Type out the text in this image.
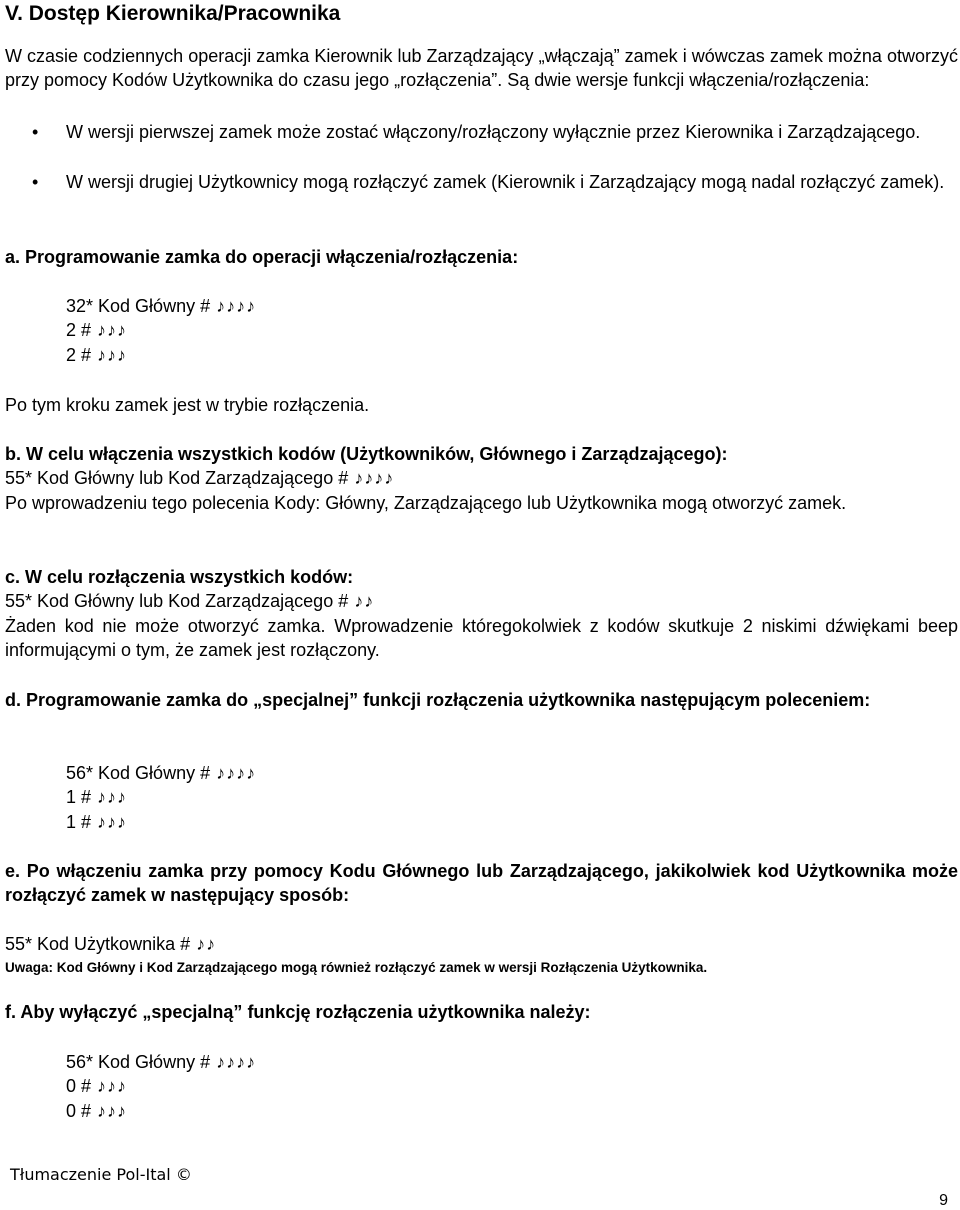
V. Dostęp Kierownika/Pracownika
W czasie codziennych operacji zamka Kierownik lub Zarządzający „włączają” zamek i wówczas zamek można otworzyć przy pomocy Kodów Użytkownika do czasu jego „rozłączenia”. Są dwie wersje funkcji włączenia/rozłączenia:
• W wersji pierwszej zamek może zostać włączony/rozłączony wyłącznie przez Kierownika i Zarządzającego.
• W wersji drugiej Użytkownicy mogą rozłączyć zamek (Kierownik i Zarządzający mogą nadal rozłączyć zamek).
a. Programowanie zamka do operacji włączenia/rozłączenia:
32* Kod Główny # ♪♪♪♪
2 # ♪♪♪
2 # ♪♪♪
Po tym kroku zamek jest w trybie rozłączenia.
b. W celu włączenia wszystkich kodów (Użytkowników, Głównego i Zarządzającego):
55* Kod Główny lub Kod Zarządzającego # ♪♪♪♪
Po wprowadzeniu tego polecenia Kody: Główny, Zarządzającego lub Użytkownika mogą otworzyć zamek.
c. W celu rozłączenia wszystkich kodów:
55* Kod Główny lub Kod Zarządzającego # ♪♪
Żaden kod nie może otworzyć zamka. Wprowadzenie któregokolwiek z kodów skutkuje 2 niskimi dźwiękami beep informującymi o tym, że zamek jest rozłączony.
d. Programowanie zamka do „specjalnej” funkcji rozłączenia użytkownika następującym poleceniem:
56* Kod Główny # ♪♪♪♪
1 # ♪♪♪
1 # ♪♪♪
e. Po włączeniu zamka przy pomocy Kodu Głównego lub Zarządzającego, jakikolwiek kod Użytkownika może rozłączyć zamek w następujący sposób:
55* Kod Użytkownika # ♪♪
Uwaga: Kod Główny i Kod Zarządzającego mogą również rozłączyć zamek w wersji Rozłączenia Użytkownika.
f. Aby wyłączyć „specjalną” funkcję rozłączenia użytkownika należy:
56* Kod Główny # ♪♪♪♪
0 # ♪♪♪
0 # ♪♪♪
Tłumaczenie Pol-Ital ©
9
